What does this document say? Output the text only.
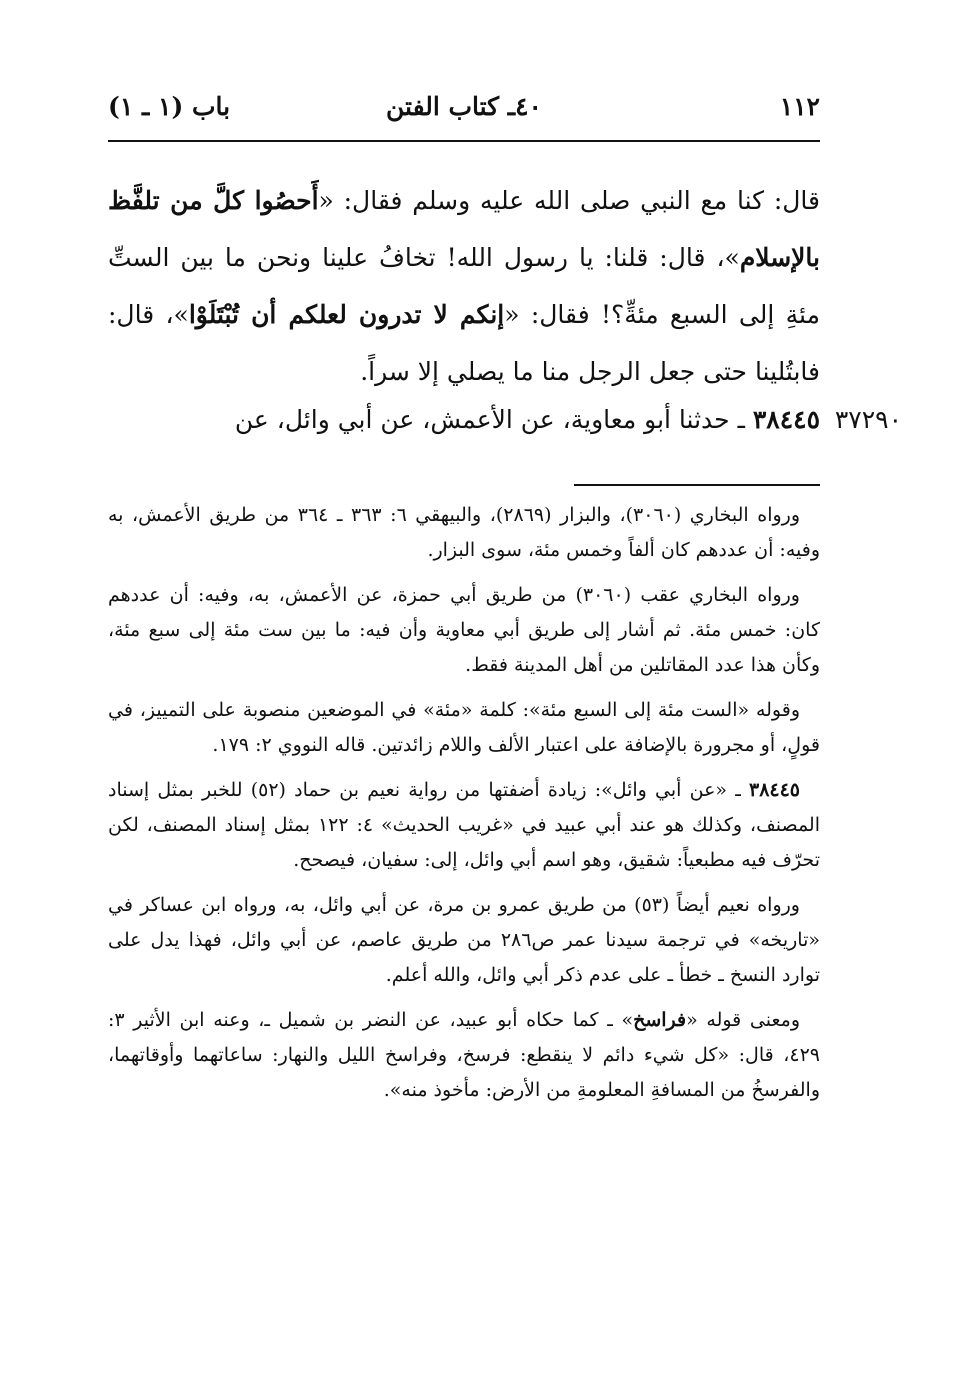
١١٢
٤٠ـ كتاب الفتن
باب (١ ـ ١)
قال: كنا مع النبي صلى الله عليه وسلم فقال: «أَحصُوا كلَّ من تلفَّظ بالإسلام»، قال: قلنا: يا رسول الله! تخافُ علينا ونحن ما بين الستِّ مئةِ إلى السبع مئةِّ؟! فقال: «إنكم لا تدرون لعلكم أن تُبْتَلَوْا»، قال: فابتُلينا حتى جعل الرجل منا ما يصلي إلا سراً.
٣٨٤٤٥ ـ حدثنا أبو معاوية، عن الأعمش، عن أبي وائل، عن	٣٧٢٩٠

ورواه البخاري (٣٠٦٠)، والبزار (٢٨٦٩)، والبيهقي ٦: ٣٦٣ ـ ٣٦٤ من طريق الأعمش، به وفيه: أن عددهم كان ألفاً وخمس مئة، سوى البزار.

ورواه البخاري عقب (٣٠٦٠) من طريق أبي حمزة، عن الأعمش، به، وفيه: أن عددهم كان: خمس مئة. ثم أشار إلى طريق أبي معاوية وأن فيه: ما بين ست مئة إلى سبع مئة، وكأن هذا عدد المقاتلين من أهل المدينة فقط.

وقوله «الست مئة إلى السبع مئة»: كلمة «مئة» في الموضعين منصوبة على التمييز، في قولٍ، أو مجرورة بالإضافة على اعتبار الألف واللام زائدتين. قاله النووي ٢: ١٧٩.

٣٨٤٤٥ ـ «عن أبي وائل»: زيادة أضفتها من رواية نعيم بن حماد (٥٢) للخبر بمثل إسناد المصنف، وكذلك هو عند أبي عبيد في «غريب الحديث» ٤: ١٢٢ بمثل إسناد المصنف، لكن تحرّف فيه مطبعياً: شقيق، وهو اسم أبي وائل، إلى: سفيان، فيصحح.

ورواه نعيم أيضاً (٥٣) من طريق عمرو بن مرة، عن أبي وائل، به، ورواه ابن عساكر في «تاريخه» في ترجمة سيدنا عمر ص٢٨٦ من طريق عاصم، عن أبي وائل، فهذا يدل على توارد النسخ ـ خطأ ـ على عدم ذكر أبي وائل، والله أعلم.

ومعنى قوله «فراسخ» ـ كما حكاه أبو عبيد، عن النضر بن شميل ـ، وعنه ابن الأثير ٣: ٤٢٩، قال: «كل شيء دائم لا ينقطع: فرسخ، وفراسخ الليل والنهار: ساعاتهما وأوقاتهما، والفرسخُ من المسافةِ المعلومةِ من الأرض: مأخوذ منه».
